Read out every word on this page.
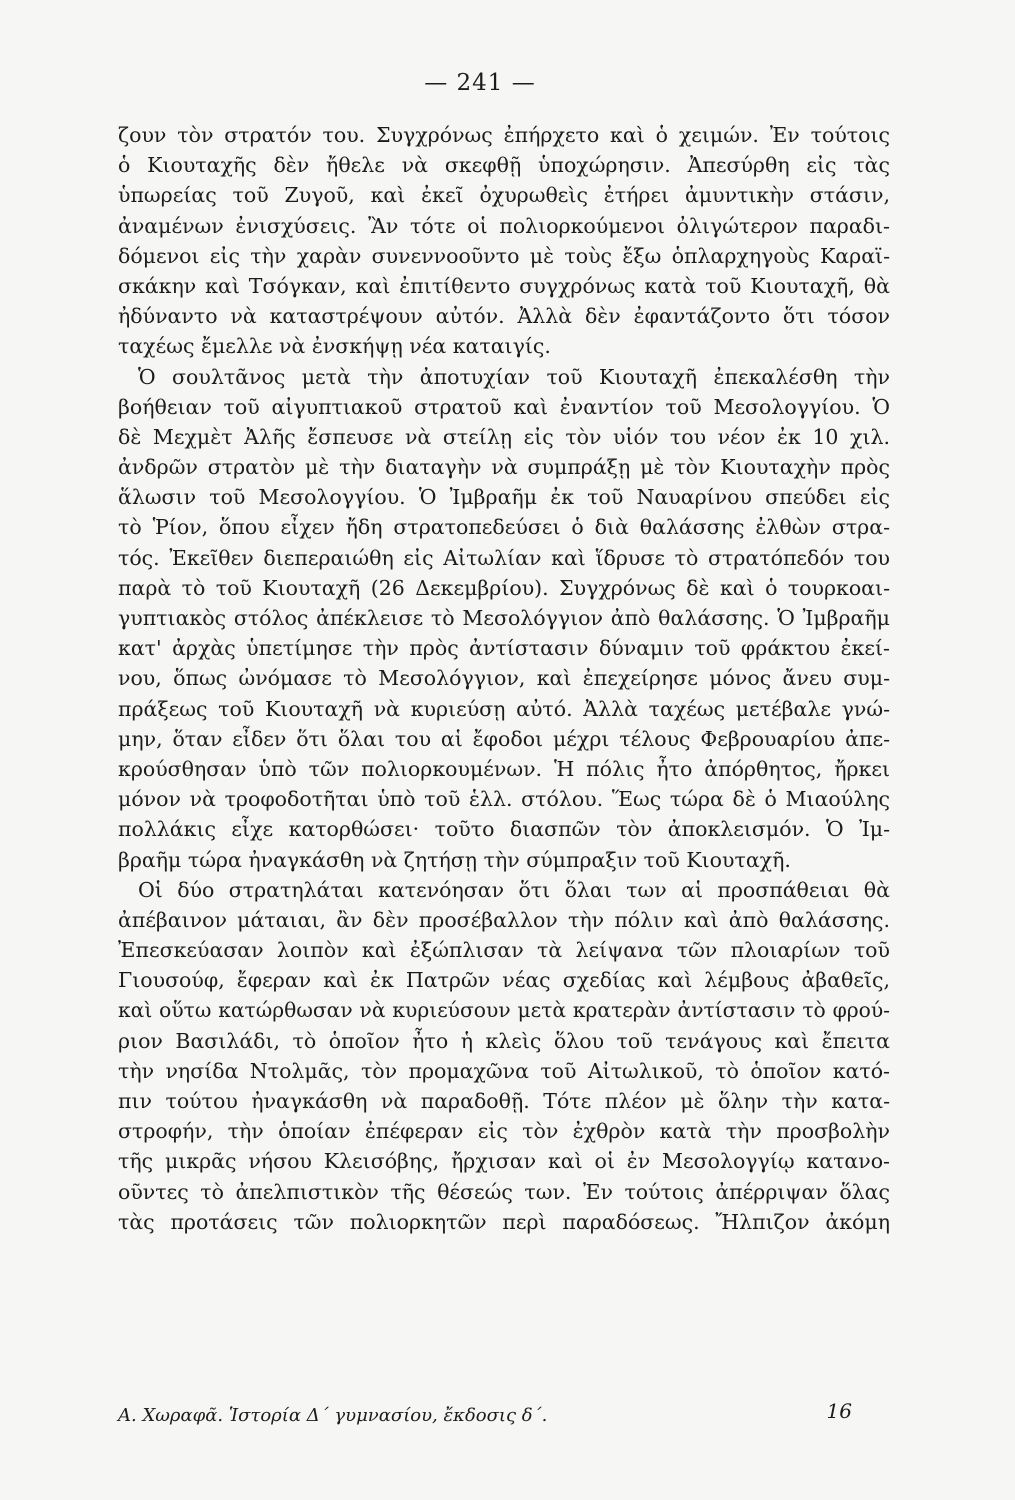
— 241 —
ζουν τὸν στρατόν του. Συγχρόνως ἐπήρχετο καὶ ὁ χειμών. Ἐν τούτοις
ὁ Κιουταχῆς δὲν ἤθελε νὰ σκεφθῇ ὑποχώρησιν. Ἀπεσύρθη εἰς τὰς
ὑπωρείας τοῦ Ζυγοῦ, καὶ ἐκεῖ ὀχυρωθεὶς ἐτήρει ἀμυντικὴν στάσιν,
ἀναμένων ἐνισχύσεις. Ἂν τότε οἱ πολιορκούμενοι ὀλιγώτερον παραδι-
δόμενοι εἰς τὴν χαρὰν συνεννοοῦντο μὲ τοὺς ἔξω ὁπλαρχηγοὺς Καραϊ-
σκάκην καὶ Τσόγκαν, καὶ ἐπιτίθεντο συγχρόνως κατὰ τοῦ Κιουταχῆ, θὰ
ἠδύναντο νὰ καταστρέψουν αὐτόν. Ἀλλὰ δὲν ἐφαντάζοντο ὅτι τόσον
ταχέως ἔμελλε νὰ ἐνσκήψῃ νέα καταιγίς.
Ὁ σουλτᾶνος μετὰ τὴν ἀποτυχίαν τοῦ Κιουταχῆ ἐπεκαλέσθη τὴν
βοήθειαν τοῦ αἰγυπτιακοῦ στρατοῦ καὶ ἐναντίον τοῦ Μεσολογγίου. Ὁ
δὲ Μεχμὲτ Ἀλῆς ἔσπευσε νὰ στείλῃ εἰς τὸν υἱόν του νέον ἐκ 10 χιλ.
ἀνδρῶν στρατὸν μὲ τὴν διαταγὴν νὰ συμπράξῃ μὲ τὸν Κιουταχὴν πρὸς
ἅλωσιν τοῦ Μεσολογγίου. Ὁ Ἰμβραῆμ ἐκ τοῦ Ναυαρίνου σπεύδει εἰς
τὸ Ῥίον, ὅπου εἶχεν ἤδη στρατοπεδεύσει ὁ διὰ θαλάσσης ἐλθὼν στρα-
τός. Ἐκεῖθεν διεπεραιώθη εἰς Αἰτωλίαν καὶ ἵδρυσε τὸ στρατόπεδόν του
παρὰ τὸ τοῦ Κιουταχῆ (26 Δεκεμβρίου). Συγχρόνως δὲ καὶ ὁ τουρκοαι-
γυπτιακὸς στόλος ἀπέκλεισε τὸ Μεσολόγγιον ἀπὸ θαλάσσης. Ὁ Ἰμβραῆμ
κατ' ἀρχὰς ὑπετίμησε τὴν πρὸς ἀντίστασιν δύναμιν τοῦ φράκτου ἐκεί-
νου, ὅπως ὠνόμασε τὸ Μεσολόγγιον, καὶ ἐπεχείρησε μόνος ἄνευ συμ-
πράξεως τοῦ Κιουταχῆ νὰ κυριεύσῃ αὐτό. Ἀλλὰ ταχέως μετέβαλε γνώ-
μην, ὅταν εἶδεν ὅτι ὅλαι του αἱ ἔφοδοι μέχρι τέλους Φεβρουαρίου ἀπε-
κρούσθησαν ὑπὸ τῶν πολιορκουμένων. Ἡ πόλις ἦτο ἀπόρθητος, ἤρκει
μόνον νὰ τροφοδοτῆται ὑπὸ τοῦ ἑλλ. στόλου. Ἕως τώρα δὲ ὁ Μιαούλης
πολλάκις εἶχε κατορθώσει· τοῦτο διασπῶν τὸν ἀποκλεισμόν. Ὁ Ἰμ-
βραῆμ τώρα ἠναγκάσθη νὰ ζητήσῃ τὴν σύμπραξιν τοῦ Κιουταχῆ.
Οἱ δύο στρατηλάται κατενόησαν ὅτι ὅλαι των αἱ προσπάθειαι θὰ
ἀπέβαινον μάταιαι, ἂν δὲν προσέβαλλον τὴν πόλιν καὶ ἀπὸ θαλάσσης.
Ἐπεσκεύασαν λοιπὸν καὶ ἐξώπλισαν τὰ λείψανα τῶν πλοιαρίων τοῦ
Γιουσούφ, ἔφεραν καὶ ἐκ Πατρῶν νέας σχεδίας καὶ λέμβους ἀβαθεῖς,
καὶ οὕτω κατώρθωσαν νὰ κυριεύσουν μετὰ κρατερὰν ἀντίστασιν τὸ φρού-
ριον Βασιλάδι, τὸ ὁποῖον ἦτο ἡ κλεὶς ὅλου τοῦ τενάγους καὶ ἔπειτα
τὴν νησίδα Ντολμᾶς, τὸν προμαχῶνα τοῦ Αἰτωλικοῦ, τὸ ὁποῖον κατό-
πιν τούτου ἠναγκάσθη νὰ παραδοθῇ. Τότε πλέον μὲ ὅλην τὴν κατα-
στροφήν, τὴν ὁποίαν ἐπέφεραν εἰς τὸν ἐχθρὸν κατὰ τὴν προσβολὴν
τῆς μικρᾶς νήσου Κλεισόβης, ἤρχισαν καὶ οἱ ἐν Μεσολογγίῳ κατανο-
οῦντες τὸ ἀπελπιστικὸν τῆς θέσεώς των. Ἐν τούτοις ἀπέρριψαν ὅλας
τὰς προτάσεις τῶν πολιορκητῶν περὶ παραδόσεως. Ἤλπιζον ἀκόμη
Α. Χωραφᾶ. Ἱστορία Δ΄ γυμνασίου, ἔκδοσις δ΄.	16
